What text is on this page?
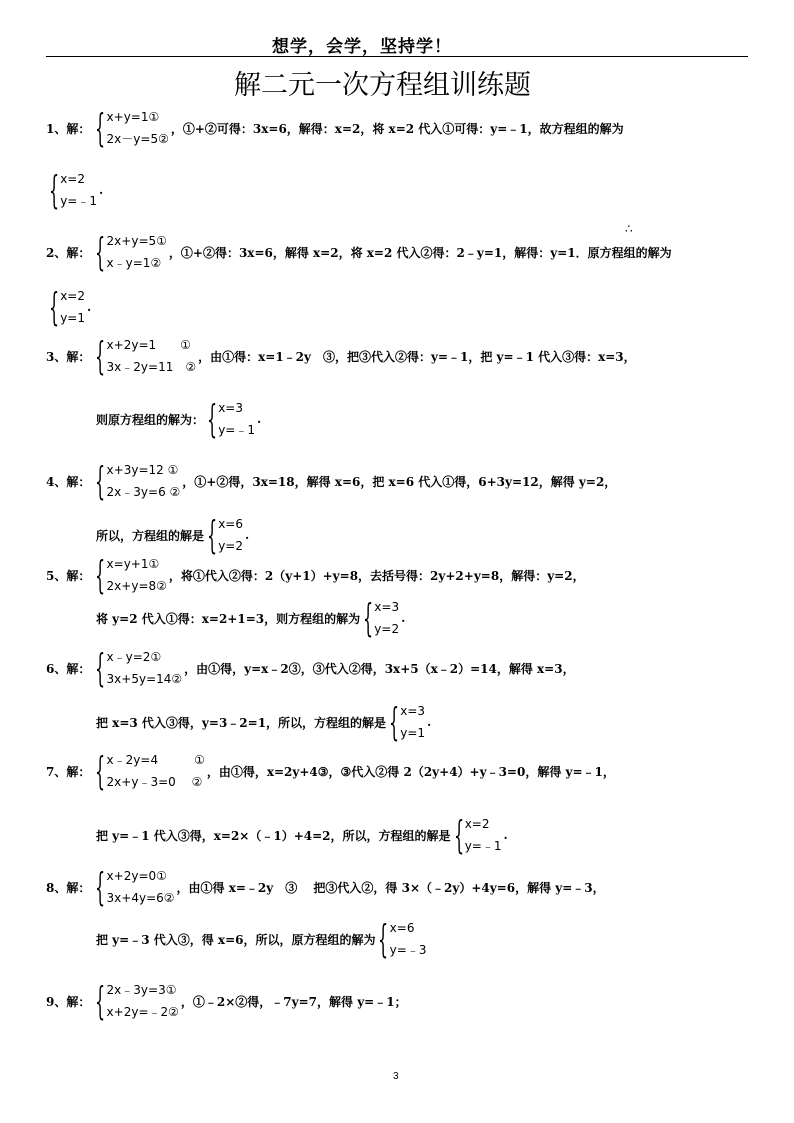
想学，会学，坚持学！
解二元一次方程组训练题
1、解： { x+y=1①
2x－y=5②
，①+②可得：3x=6，解得：x=2，将 x=2 代入①可得：y=﹣1，故方程组的解为
{ x=2
y=﹣1
.
∴
2、解： { 2x+y=5①
x﹣y=1②
，①+②得：3x=6，解得 x=2，将 x=2 代入②得：2﹣y=1，解得：y=1．原方程组的解为
{ x=2
y=1
.
3、解： { x+2y=1　　①
3x﹣2y=11　②
，由①得：x=1﹣2y　③，把③代入②得：y=﹣1，把 y=﹣1 代入③得：x=3，
则原方程组的解为： { x=3
y=﹣1
.
4、解： { x+3y=12 ①
2x﹣3y=6 ②
，①+②得，3x=18，解得 x=6，把 x=6 代入①得，6+3y=12，解得 y=2，
所以，方程组的解是 { x=6
y=2
.
5、解： { x=y+1①
2x+y=8②
，将①代入②得：2（y+1）+y=8，去括号得：2y+2+y=8，解得：y=2，
将 y=2 代入①得：x=2+1=3，则方程组的解为 { x=3
y=2
.
6、解： { x﹣y=2①
3x+5y=14②
，由①得，y=x﹣2③，③代入②得，3x+5（x﹣2）=14，解得 x=3，
把 x=3 代入③得，y=3﹣2=1，所以，方程组的解是 { x=3
y=1
.
7、解： { x﹣2y=4　　　①
2x+y﹣3=0　 ②
，由①得，x=2y+4③，③代入②得 2（2y+4）+y﹣3=0，解得 y=﹣1，
把 y=﹣1 代入③得，x=2×（﹣1）+4=2，所以，方程组的解是 { x=2
y=﹣1
.
8、解： { x+2y=0①
3x+4y=6②
，由①得 x=﹣2y　③　 把③代入②，得 3×（﹣2y）+4y=6，解得 y=﹣3，
把 y=﹣3 代入③，得 x=6，所以，原方程组的解为 { x=6
y=﹣3
9、解： { 2x﹣3y=3①
x+2y=﹣2②
，①﹣2×②得，﹣7y=7，解得 y=﹣1；
3
